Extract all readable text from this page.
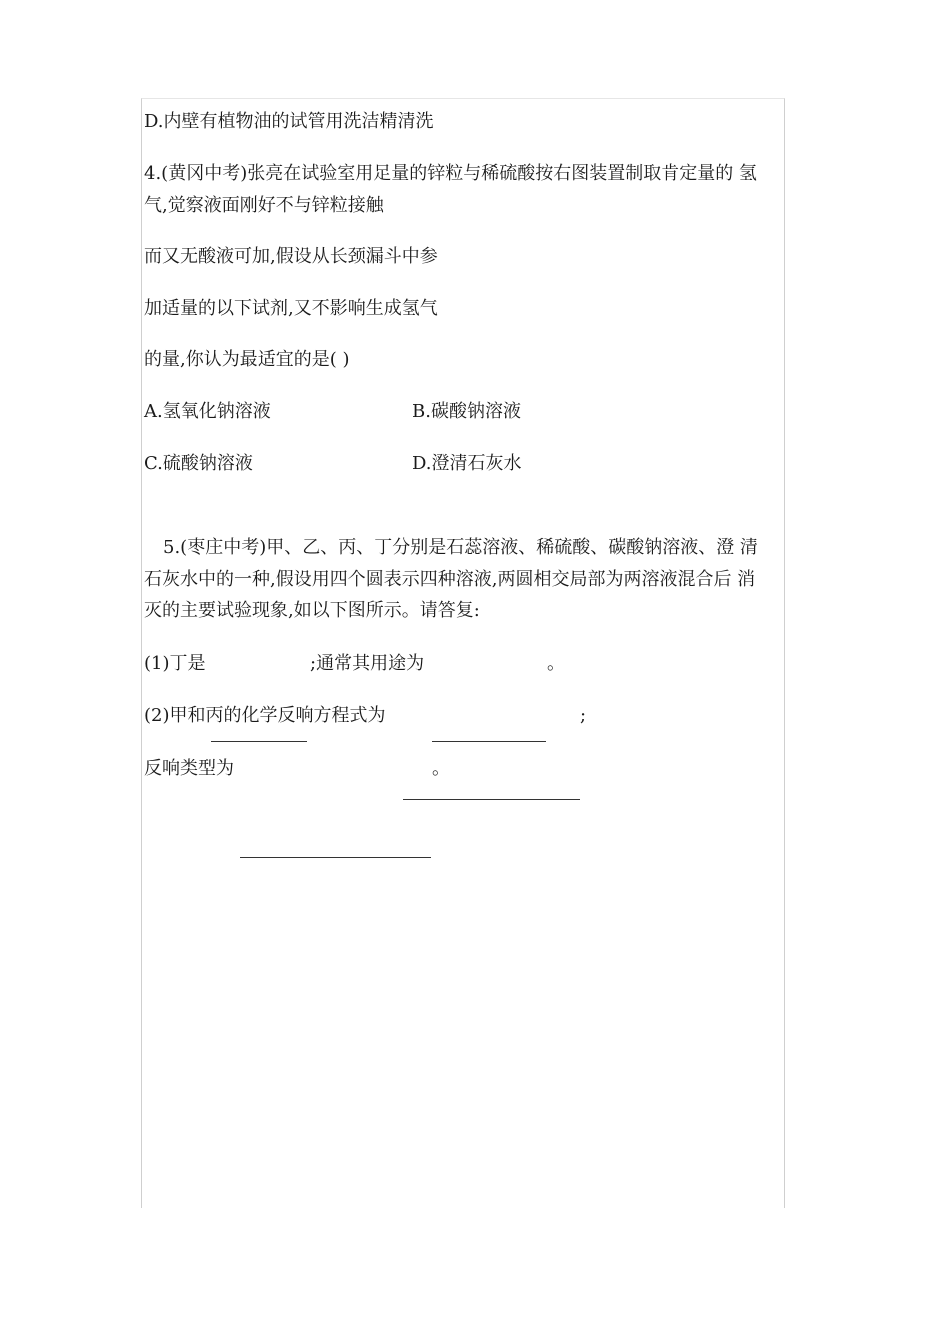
D.内壁有植物油的试管用洗洁精清洗
4.(黄冈中考)张亮在试验室用足量的锌粒与稀硫酸按右图装置制取肯定量的 氢
气,觉察液面刚好不与锌粒接触
而又无酸液可加,假设从长颈漏斗中参
加适量的以下试剂,又不影响生成氢气
的量,你认为最适宜的是( )
A.氢氧化钠溶液	B.碳酸钠溶液
C.硫酸钠溶液	D.澄清石灰水
5.(枣庄中考)甲、乙、丙、丁分别是石蕊溶液、稀硫酸、碳酸钠溶液、澄 清
石灰水中的一种,假设用四个圆表示四种溶液,两圆相交局部为两溶液混合后 消
灭的主要试验现象,如以下图所示。请答复:
(1)丁是	;通常其用途为	。
(2)甲和丙的化学反响方程式为	;
反响类型为	。
